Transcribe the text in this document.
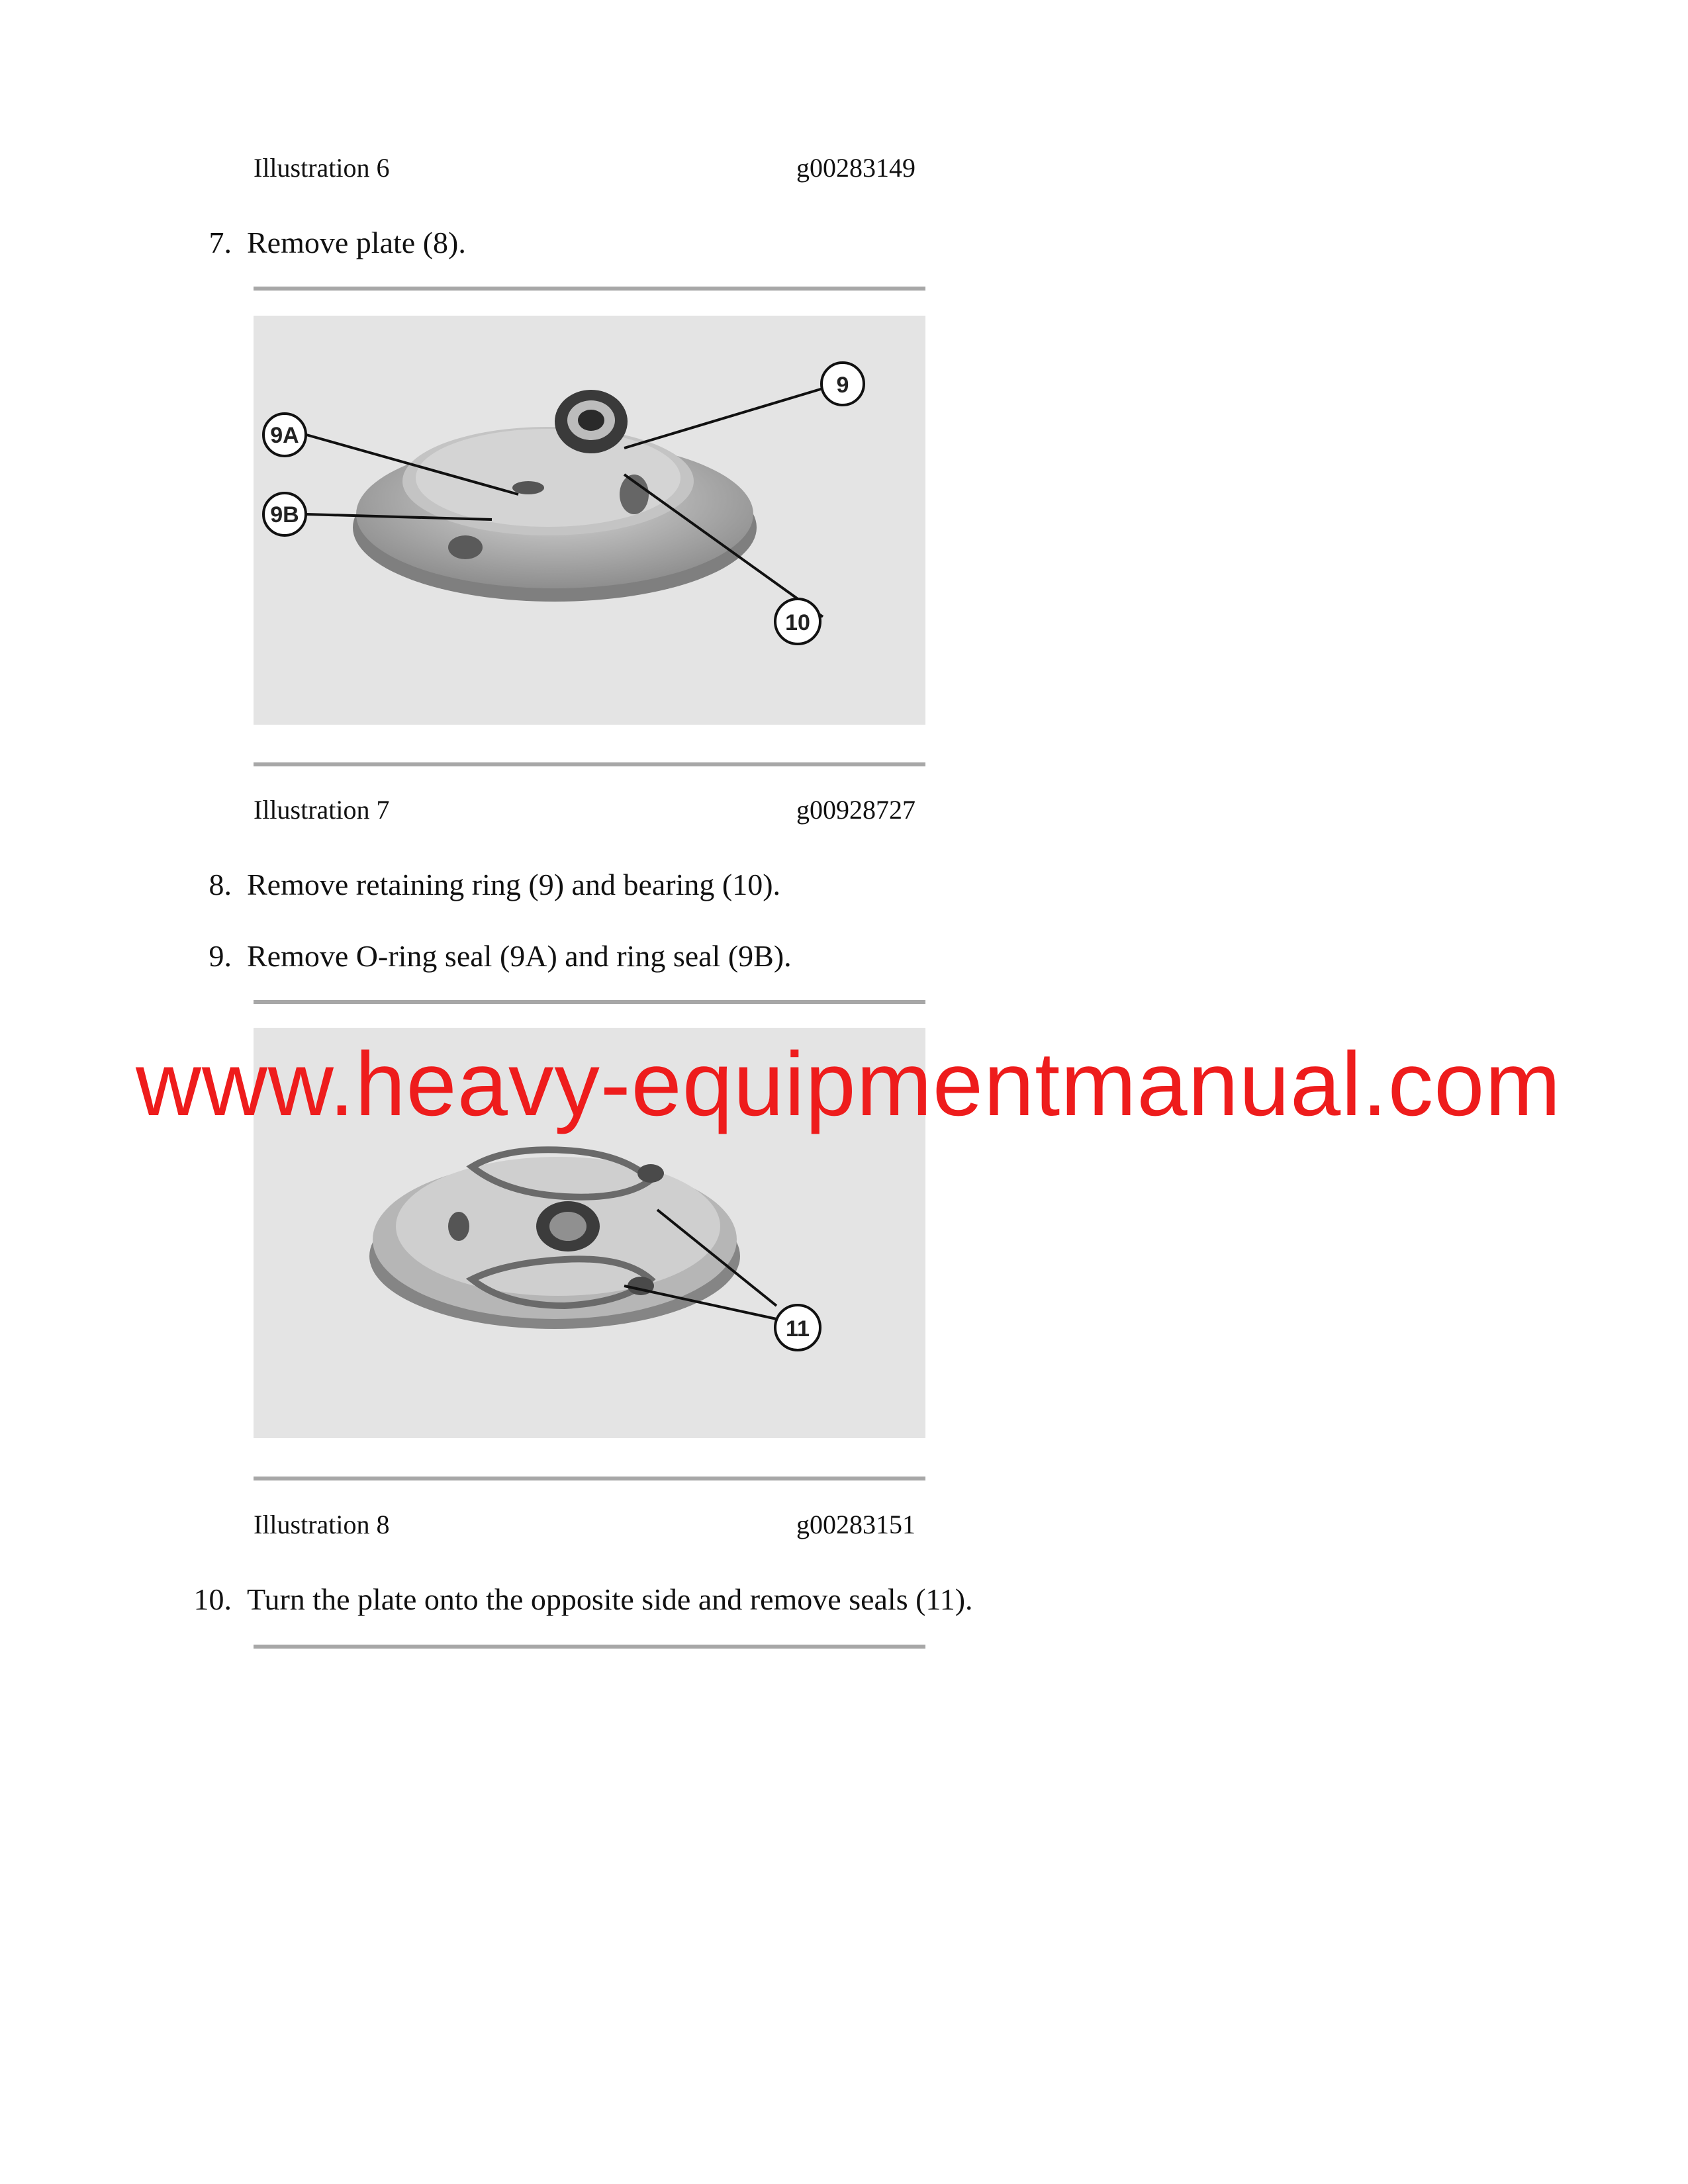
Illustration 6	g00283149
7. Remove plate (8).
9
9A
9B
10
Illustration 7	g00928727
8. Remove retaining ring (9) and bearing (10).
9. Remove O-ring seal (9A) and ring seal (9B).
11
Illustration 8	g00283151
10. Turn the plate onto the opposite side and remove seals (11).
www.heavy-equipmentmanual.com
